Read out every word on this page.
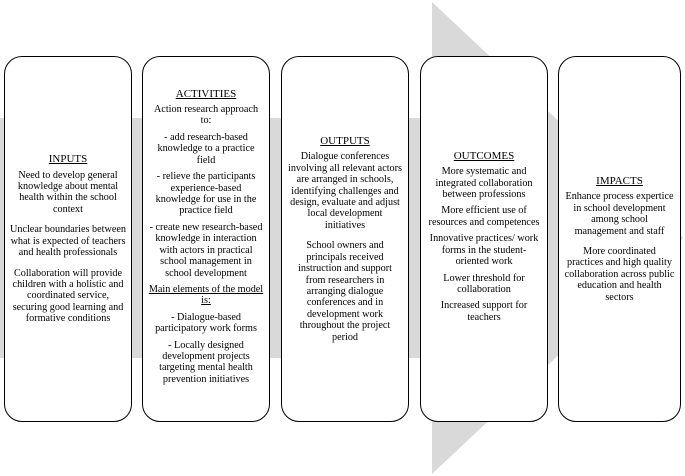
INPUTS
Need to develop general knowledge about mental health within the school context
Unclear boundaries between what is expected of teachers and health professionals
Collaboration will provide children with a holistic and coordinated service, securing good learning and formative conditions
ACTIVITIES
Action research approach to:
- add research-based knowledge to a practice field
- relieve the participants experience-based knowledge for use in the practice field
- create new research-based knowledge in interaction with actors in practical school management in school development
Main elements of the model is:
- Dialogue-based participatory work forms
- Locally designed development projects targeting mental health prevention initiatives
OUTPUTS
Dialogue conferences involving all relevant actors are arranged in schools, identifying challenges and design, evaluate and adjust local development initiatives
School owners and principals received instruction and support from researchers in arranging dialogue conferences and in development work throughout the project period
OUTCOMES
More systematic and integrated collaboration between professions
More efficient use of resources and competences
Innovative practices/ work forms in the student-oriented work
Lower threshold for collaboration
Increased support for teachers
IMPACTS
Enhance process expertice in school development among school management and staff
More coordinated practices and high quality collaboration across public education and health sectors
